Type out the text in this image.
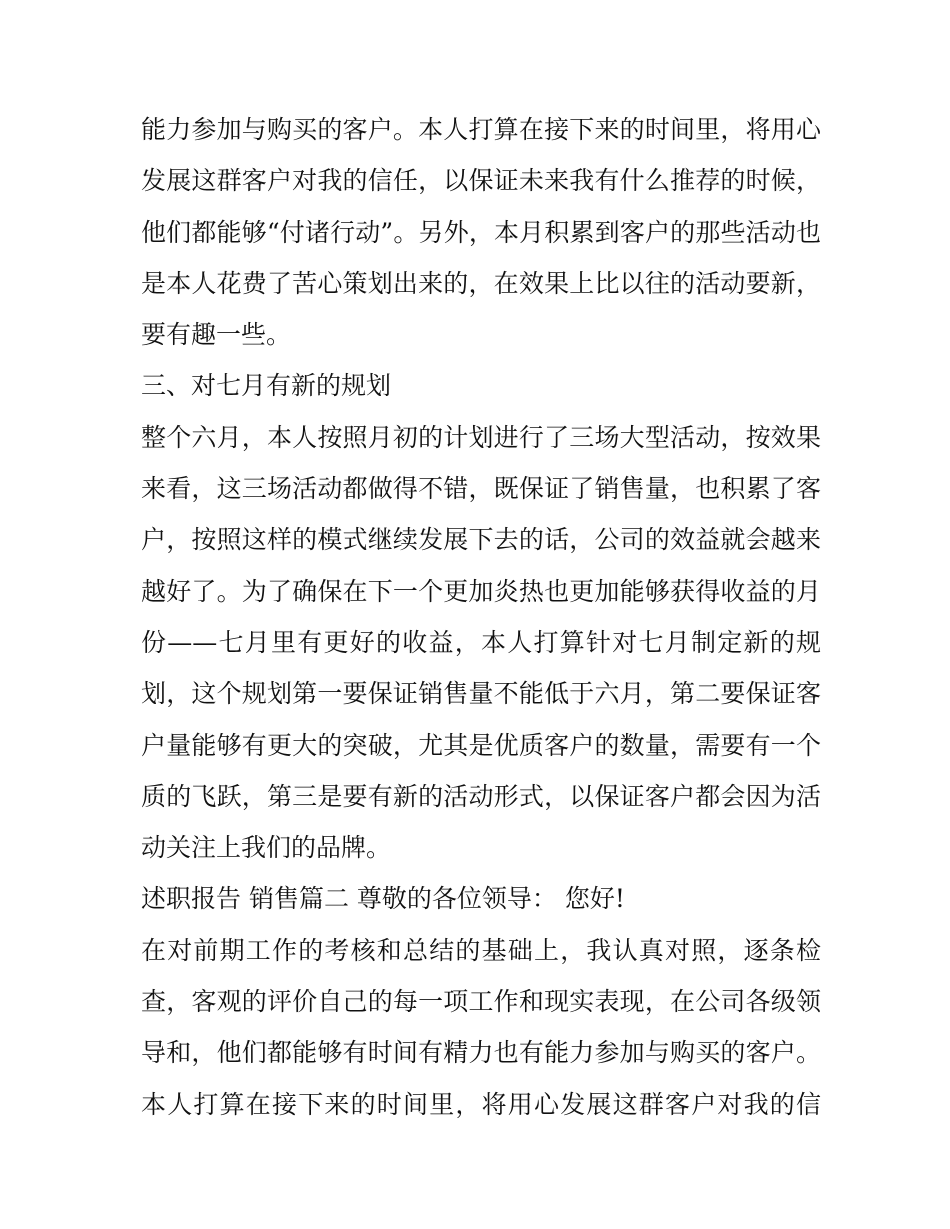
能力参加与购买的客户。本人打算在接下来的时间里，将用心
发展这群客户对我的信任，以保证未来我有什么推荐的时候，
他们都能够“付诸行动”。另外，本月积累到客户的那些活动也
是本人花费了苦心策划出来的，在效果上比以往的活动要新，
要有趣一些。
三、对七月有新的规划
整个六月，本人按照月初的计划进行了三场大型活动，按效果
来看，这三场活动都做得不错，既保证了销售量，也积累了客
户，按照这样的模式继续发展下去的话，公司的效益就会越来
越好了。为了确保在下一个更加炎热也更加能够获得收益的月
份——七月里有更好的收益，本人打算针对七月制定新的规
划，这个规划第一要保证销售量不能低于六月，第二要保证客
户量能够有更大的突破，尤其是优质客户的数量，需要有一个
质的飞跃，第三是要有新的活动形式，以保证客户都会因为活
动关注上我们的品牌。
述职报告 销售篇二 尊敬的各位领导： 您好!
在对前期工作的考核和总结的基础上，我认真对照，逐条检
查，客观的评价自己的每一项工作和现实表现，在公司各级领
导和，他们都能够有时间有精力也有能力参加与购买的客户。
本人打算在接下来的时间里，将用心发展这群客户对我的信
